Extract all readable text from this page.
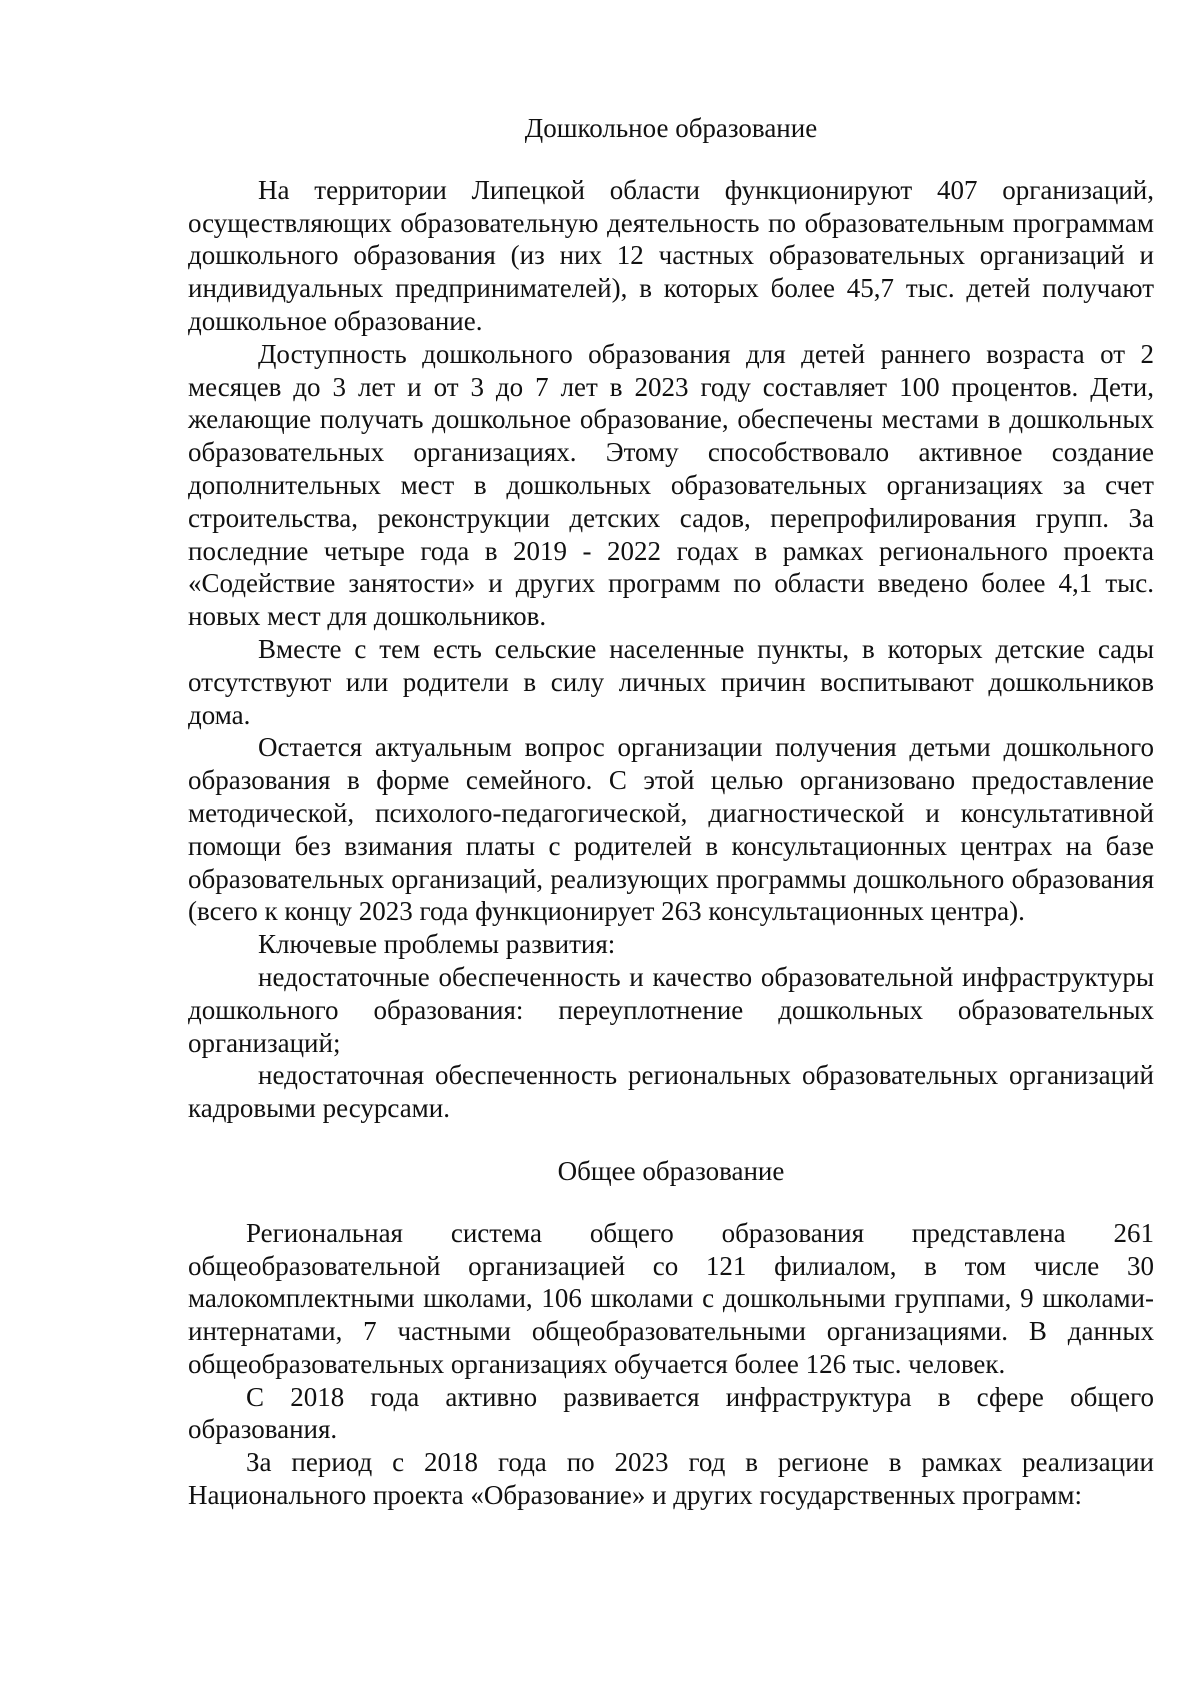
Дошкольное образование

На территории Липецкой области функционируют 407 организаций, осуществляющих образовательную деятельность по образовательным программам дошкольного образования (из них 12 частных образовательных организаций и индивидуальных предпринимателей), в которых более 45,7 тыс. детей получают дошкольное образование.

Доступность дошкольного образования для детей раннего возраста от 2 месяцев до 3 лет и от 3 до 7 лет в 2023 году составляет 100 процентов. Дети, желающие получать дошкольное образование, обеспечены местами в дошкольных образовательных организациях. Этому способствовало активное создание дополнительных мест в дошкольных образовательных организациях за счет строительства, реконструкции детских садов, перепрофилирования групп. За последние четыре года в 2019 - 2022 годах в рамках регионального проекта «Содействие занятости» и других программ по области введено более 4,1 тыс. новых мест для дошкольников.

Вместе с тем есть сельские населенные пункты, в которых детские сады отсутствуют или родители в силу личных причин воспитывают дошкольников дома.

Остается актуальным вопрос организации получения детьми дошкольного образования в форме семейного. С этой целью организовано предоставление методической, психолого-педагогической, диагностической и консультативной помощи без взимания платы с родителей в консультационных центрах на базе образовательных организаций, реализующих программы дошкольного образования (всего к концу 2023 года функционирует 263 консультационных центра).

Ключевые проблемы развития:

недостаточные обеспеченность и качество образовательной инфраструктуры дошкольного образования: переуплотнение дошкольных образовательных организаций;

недостаточная обеспеченность региональных образовательных организаций кадровыми ресурсами.

Общее образование

Региональная система общего образования представлена 261 общеобразовательной организацией со 121 филиалом, в том числе 30 малокомплектными школами, 106 школами с дошкольными группами, 9 школами-интернатами, 7 частными общеобразовательными организациями. В данных общеобразовательных организациях обучается более 126 тыс. человек.

С 2018 года активно развивается инфраструктура в сфере общего образования.

За период с 2018 года по 2023 год в регионе в рамках реализации Национального проекта «Образование» и других государственных программ:
